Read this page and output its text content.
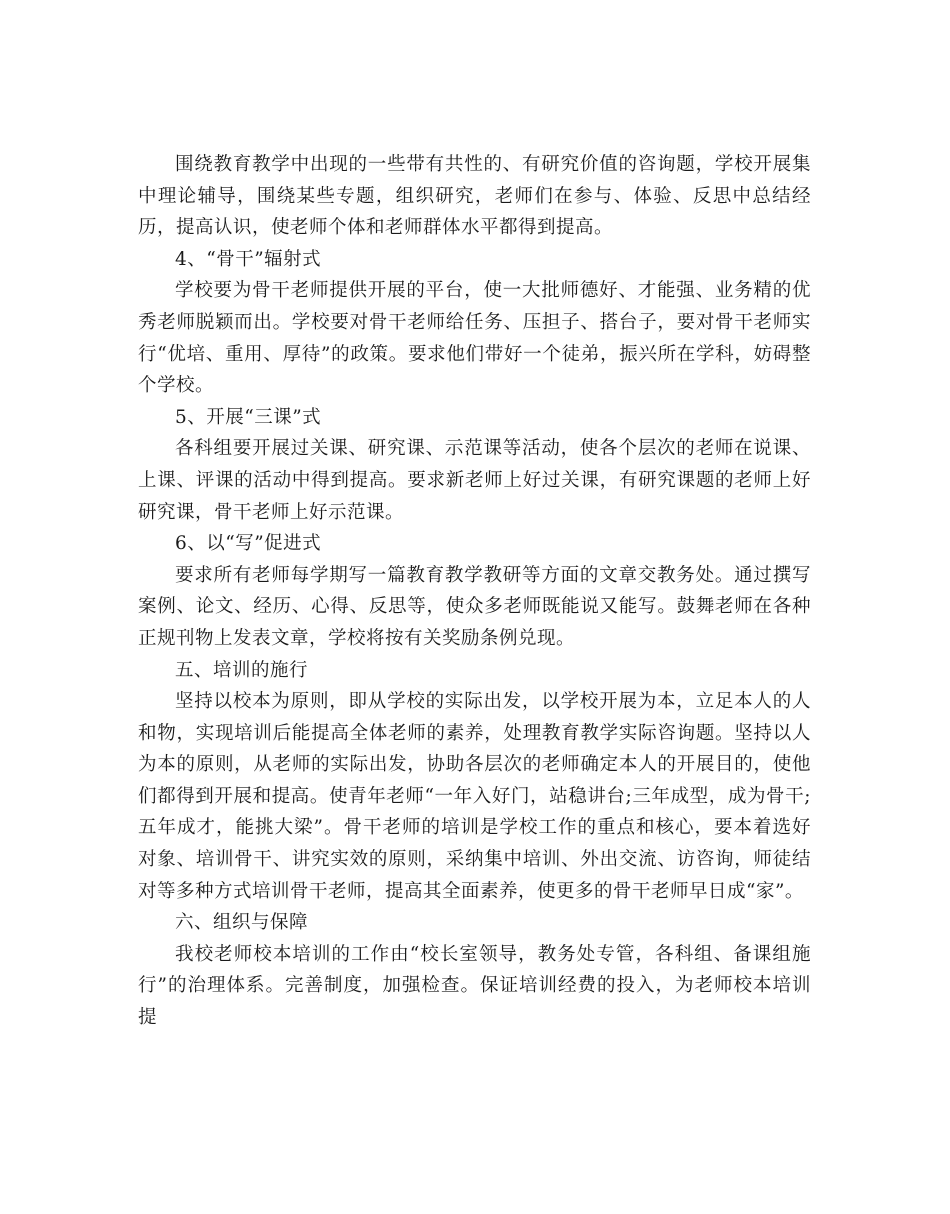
围绕教育教学中出现的一些带有共性的、有研究价值的咨询题，学校开展集中理论辅导，围绕某些专题，组织研究，老师们在参与、体验、反思中总结经历，提高认识，使老师个体和老师群体水平都得到提高。

4、“骨干”辐射式

学校要为骨干老师提供开展的平台，使一大批师德好、才能强、业务精的优秀老师脱颖而出。学校要对骨干老师给任务、压担子、搭台子，要对骨干老师实行“优培、重用、厚待”的政策。要求他们带好一个徒弟，振兴所在学科，妨碍整个学校。

5、开展“三课”式

各科组要开展过关课、研究课、示范课等活动，使各个层次的老师在说课、上课、评课的活动中得到提高。要求新老师上好过关课，有研究课题的老师上好研究课，骨干老师上好示范课。

6、以“写”促进式

要求所有老师每学期写一篇教育教学教研等方面的文章交教务处。通过撰写案例、论文、经历、心得、反思等，使众多老师既能说又能写。鼓舞老师在各种正规刊物上发表文章，学校将按有关奖励条例兑现。

五、培训的施行

坚持以校本为原则，即从学校的实际出发，以学校开展为本，立足本人的人和物，实现培训后能提高全体老师的素养，处理教育教学实际咨询题。坚持以人为本的原则，从老师的实际出发，协助各层次的老师确定本人的开展目的，使他们都得到开展和提高。使青年老师“一年入好门，站稳讲台;三年成型，成为骨干;五年成才，能挑大梁”。骨干老师的培训是学校工作的重点和核心，要本着选好对象、培训骨干、讲究实效的原则，采纳集中培训、外出交流、访咨询，师徒结对等多种方式培训骨干老师，提高其全面素养，使更多的骨干老师早日成“家”。

六、组织与保障

我校老师校本培训的工作由“校长室领导，教务处专管，各科组、备课组施行”的治理体系。完善制度，加强检查。保证培训经费的投入，为老师校本培训提
